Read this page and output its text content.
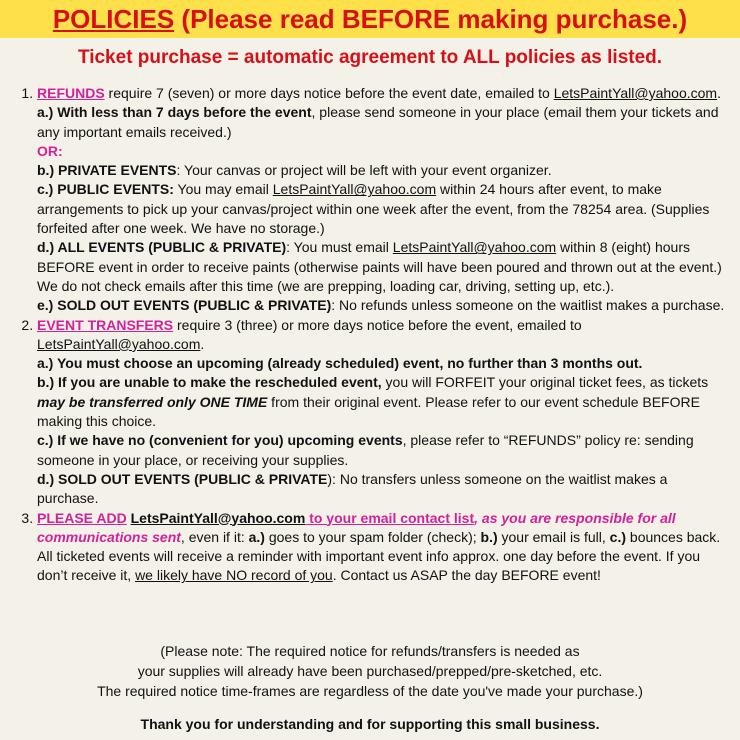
POLICIES (Please read BEFORE making purchase.)
Ticket purchase = automatic agreement to ALL policies as listed.
1. REFUNDS require 7 (seven) or more days notice before the event date, emailed to LetsPaintYall@yahoo.com.
a.) With less than 7 days before the event, please send someone in your place (email them your tickets and any important emails received.)
OR:
b.) PRIVATE EVENTS: Your canvas or project will be left with your event organizer.
c.) PUBLIC EVENTS: You may email LetsPaintYall@yahoo.com within 24 hours after event, to make arrangements to pick up your canvas/project within one week after the event, from the 78254 area. (Supplies forfeited after one week. We have no storage.)
d.) ALL EVENTS (PUBLIC & PRIVATE): You must email LetsPaintYall@yahoo.com within 8 (eight) hours BEFORE event in order to receive paints (otherwise paints will have been poured and thrown out at the event.) We do not check emails after this time (we are prepping, loading car, driving, setting up, etc.).
e.) SOLD OUT EVENTS (PUBLIC & PRIVATE): No refunds unless someone on the waitlist makes a purchase.
2. EVENT TRANSFERS require 3 (three) or more days notice before the event, emailed to LetsPaintYall@yahoo.com.
a.) You must choose an upcoming (already scheduled) event, no further than 3 months out.
b.) If you are unable to make the rescheduled event, you will FORFEIT your original ticket fees, as tickets may be transferred only ONE TIME from their original event. Please refer to our event schedule BEFORE making this choice.
c.) If we have no (convenient for you) upcoming events, please refer to “REFUNDS” policy re: sending someone in your place, or receiving your supplies.
d.) SOLD OUT EVENTS (PUBLIC & PRIVATE): No transfers unless someone on the waitlist makes a purchase.
3. PLEASE ADD LetsPaintYall@yahoo.com to your email contact list, as you are responsible for all communications sent, even if it: a.) goes to your spam folder (check); b.) your email is full, c.) bounces back. All ticketed events will receive a reminder with important event info approx. one day before the event. If you don’t receive it, we likely have NO record of you. Contact us ASAP the day BEFORE event!
(Please note: The required notice for refunds/transfers is needed as
your supplies will already have been purchased/prepped/pre-sketched, etc.
The required notice time-frames are regardless of the date you've made your purchase.)
Thank you for understanding and for supporting this small business.
